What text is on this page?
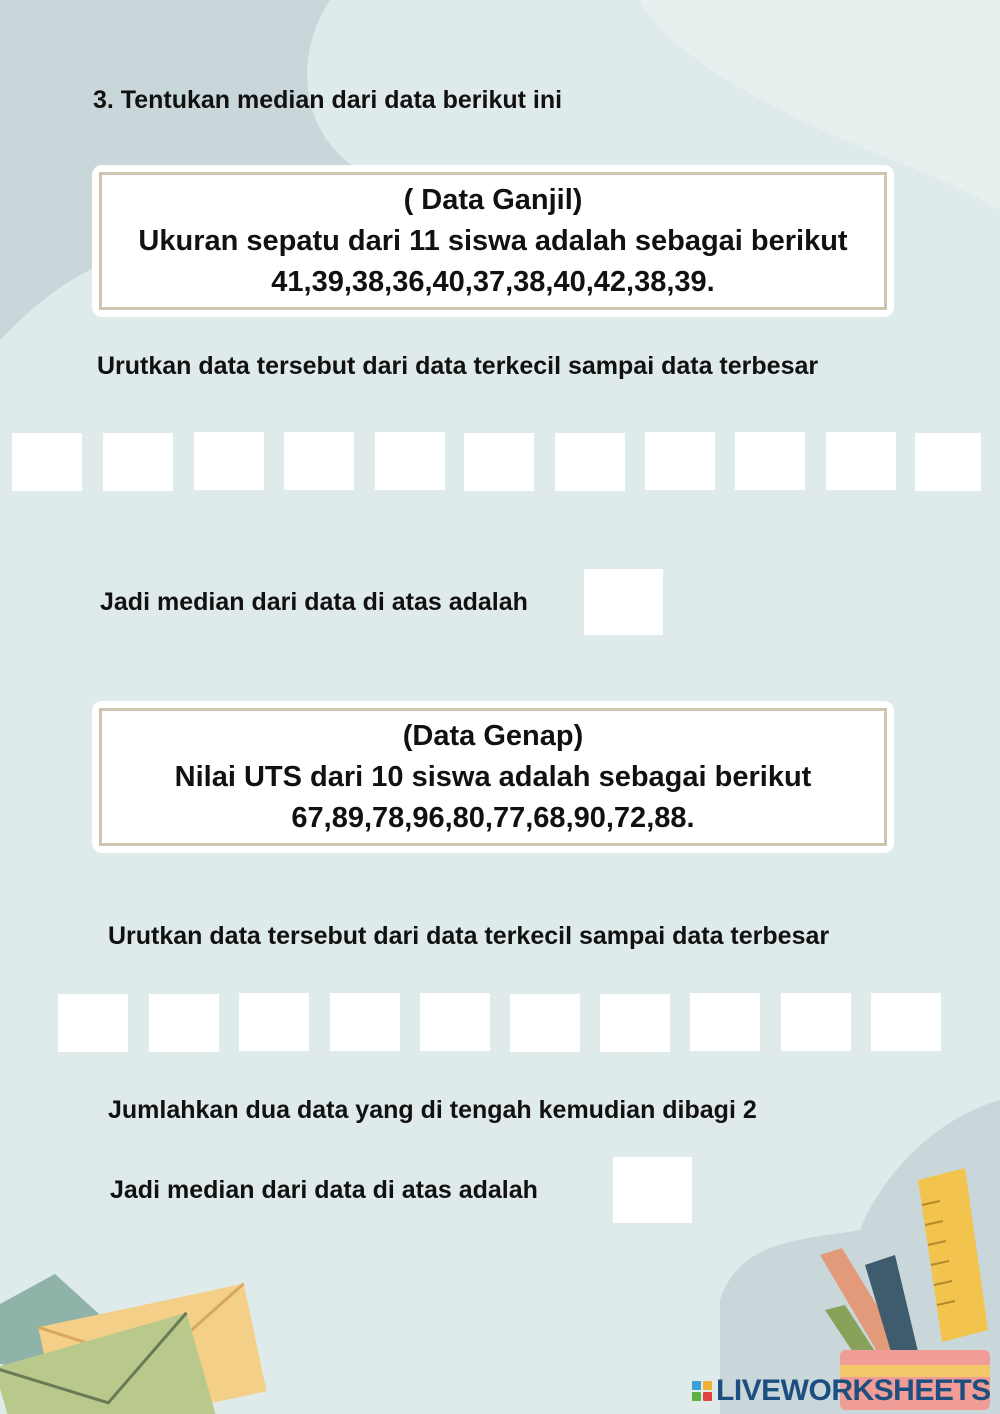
3. Tentukan median dari data berikut ini
( Data Ganjil)
Ukuran sepatu dari 11 siswa adalah sebagai berikut
41,39,38,36,40,37,38,40,42,38,39.
Urutkan data tersebut dari data terkecil sampai data terbesar
Jadi median dari data di atas adalah
(Data Genap)
Nilai UTS dari 10 siswa adalah sebagai berikut
67,89,78,96,80,77,68,90,72,88.
Urutkan data tersebut dari data terkecil sampai data terbesar
Jumlahkan dua data yang di tengah kemudian dibagi 2
Jadi median dari data di atas adalah
LIVEWORKSHEETS
